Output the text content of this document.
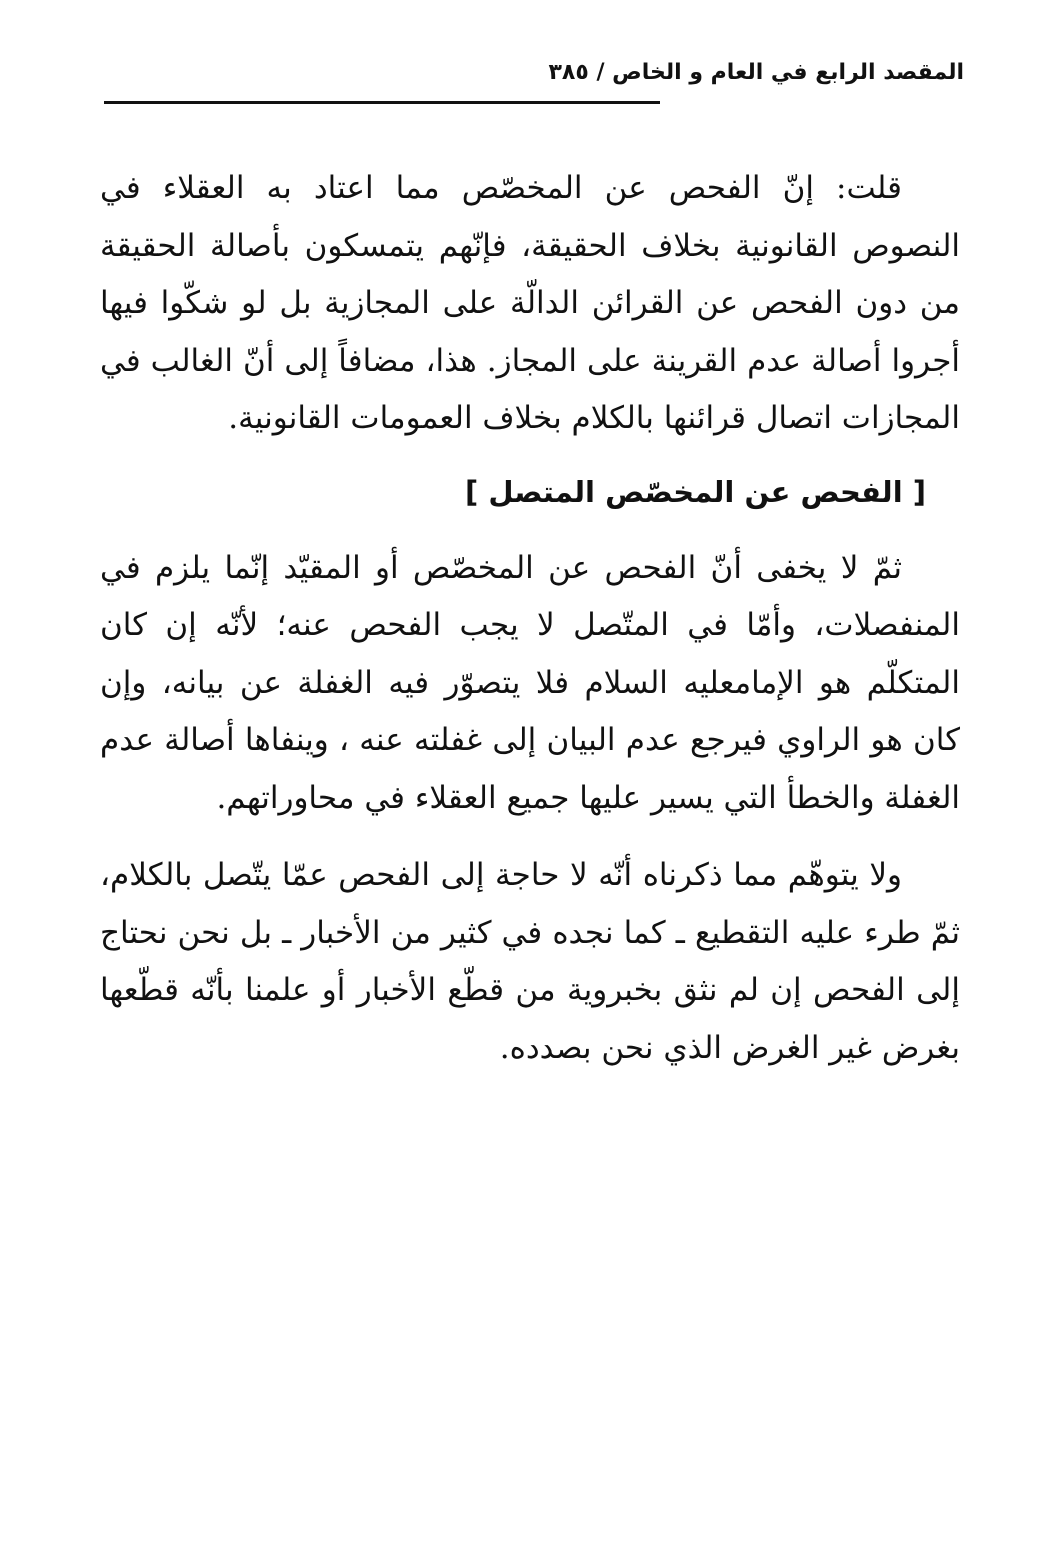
المقصد الرابع في العام و الخاص / ٣٨٥

قلت: إنّ الفحص عن المخصّص مما اعتاد به العقلاء في النصوص القانونية بخلاف الحقيقة، فإنّهم يتمسكون بأصالة الحقيقة من دون الفحص عن القرائن الدالّة على المجازية بل لو شكّوا فيها أجروا أصالة عدم القرينة على المجاز. هذا، مضافاً إلى أنّ الغالب في المجازات اتصال قرائنها بالكلام بخلاف العمومات القانونية.

[ الفحص عن المخصّص المتصل ]

ثمّ لا يخفى أنّ الفحص عن المخصّص أو المقيّد إنّما يلزم في المنفصلات، وأمّا في المتّصل لا يجب الفحص عنه؛ لأنّه إن كان المتكلّم هو الإمامعليه السلام فلا يتصوّر فيه الغفلة عن بيانه، وإن كان هو الراوي فيرجع عدم البيان إلى غفلته عنه ، وينفاها أصالة عدم الغفلة والخطأ التي يسير عليها جميع العقلاء في محاوراتهم.

ولا يتوهّم مما ذكرناه أنّه لا حاجة إلى الفحص عمّا يتّصل بالكلام، ثمّ طرء عليه التقطيع ـ كما نجده في كثير من الأخبار ـ بل نحن نحتاج إلى الفحص إن لم نثق بخبروية من قطّع الأخبار أو علمنا بأنّه قطّعها بغرض غير الغرض الذي نحن بصدده.
